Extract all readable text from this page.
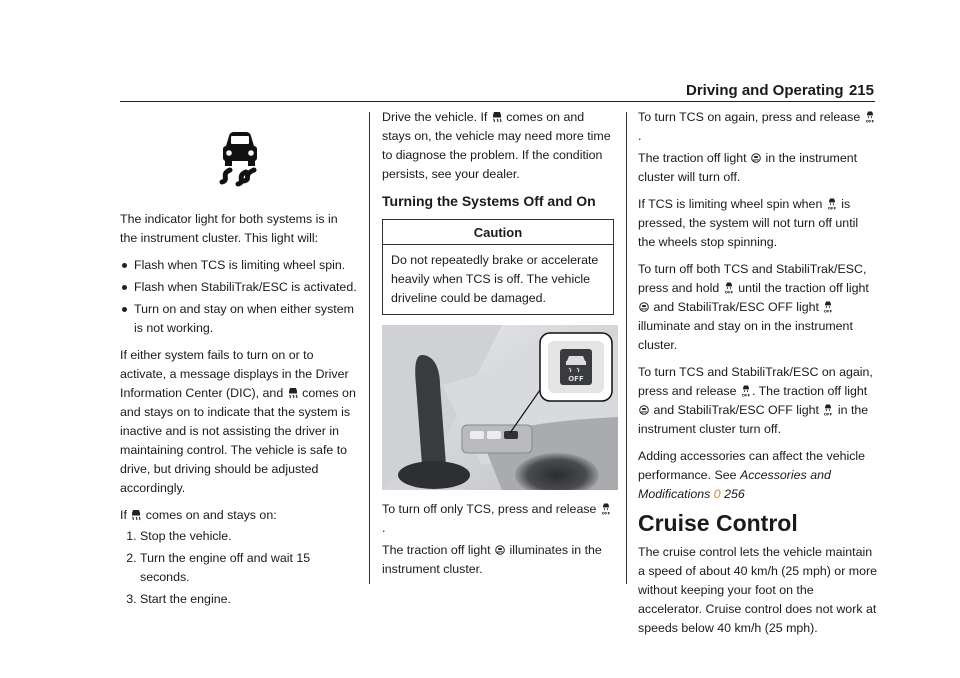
Driving and Operating 215

The indicator light for both systems is in the instrument cluster. This light will:

Flash when TCS is limiting wheel spin.
Flash when StabiliTrak/ESC is activated.
Turn on and stay on when either system is not working.

If either system fails to turn on or to activate, a message displays in the Driver Information Center (DIC), and comes on and stays on to indicate that the system is inactive and is not assisting the driver in maintaining control. The vehicle is safe to drive, but driving should be adjusted accordingly.

If comes on and stays on:

1. Stop the vehicle.
2. Turn the engine off and wait 15 seconds.
3. Start the engine.

Drive the vehicle. If comes on and stays on, the vehicle may need more time to diagnose the problem. If the condition persists, see your dealer.

Turning the Systems Off and On
Caution
Do not repeatedly brake or accelerate heavily when TCS is off. The vehicle driveline could be damaged.
OFF

To turn off only TCS, press and release
.

The traction off light illuminates in the instrument cluster.

To turn TCS on again, press and release
.

The traction off light in the instrument cluster will turn off.

If TCS is limiting wheel spin when is pressed, the system will not turn off until the wheels stop spinning.

To turn off both TCS and StabiliTrak/ESC, press and hold until the traction off light
and StabiliTrak/ESC OFF light
illuminate and stay on in the instrument cluster.

To turn TCS and StabiliTrak/ESC on again, press and release . The traction off light
and StabiliTrak/ESC OFF light in the instrument cluster turn off.

Adding accessories can affect the vehicle performance. See Accessories and Modifications 0 256

Cruise Control

The cruise control lets the vehicle maintain a speed of about 40 km/h (25 mph) or more without keeping your foot on the accelerator. Cruise control does not work at speeds below 40 km/h (25 mph).
